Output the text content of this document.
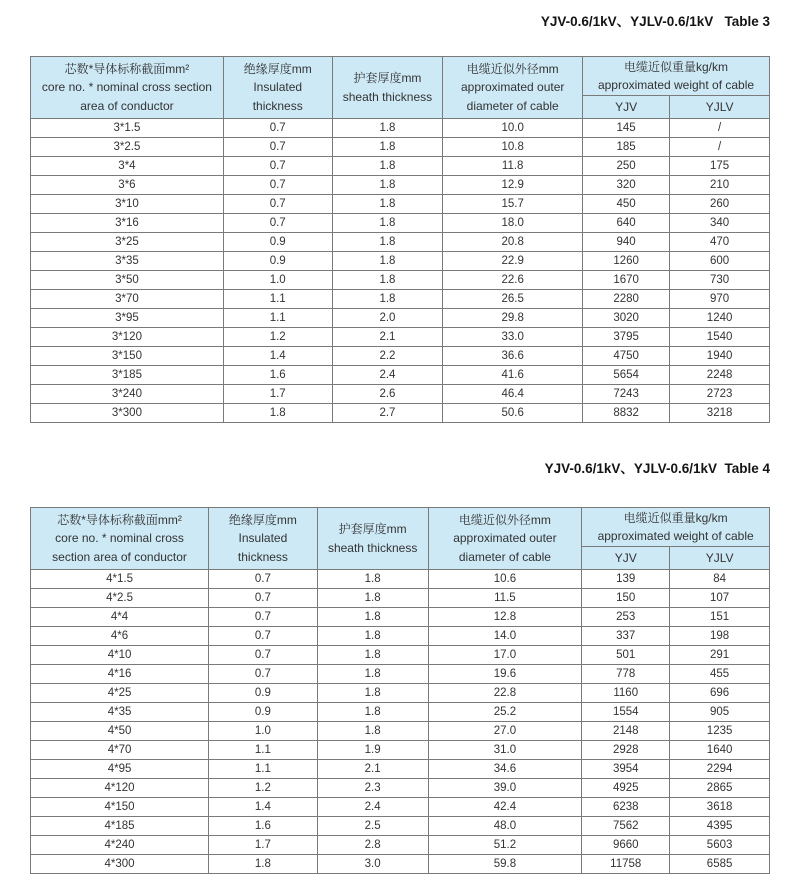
YJV-0.6/1kV、YJLV-0.6/1kV   Table 3
芯数*导体标称截面mm²
core no. * nominal cross section
area of conductor

绝缘厚度mm
Insulated
thickness

护套厚度mm
sheath thickness

电缆近似外径mm
approximated outer
diameter of cable

电缆近似重量kg/km
approximated weight of cable

				YJV	YJLV
3*1.5	0.7	1.8	10.0	145	/
3*2.5	0.7	1.8	10.8	185	/
3*4	0.7	1.8	11.8	250	175
3*6	0.7	1.8	12.9	320	210
3*10	0.7	1.8	15.7	450	260
3*16	0.7	1.8	18.0	640	340
3*25	0.9	1.8	20.8	940	470
3*35	0.9	1.8	22.9	1260	600
3*50	1.0	1.8	22.6	1670	730
3*70	1.1	1.8	26.5	2280	970
3*95	1.1	2.0	29.8	3020	1240
3*120	1.2	2.1	33.0	3795	1540
3*150	1.4	2.2	36.6	4750	1940
3*185	1.6	2.4	41.6	5654	2248
3*240	1.7	2.6	46.4	7243	2723
3*300	1.8	2.7	50.6	8832	3218
YJV-0.6/1kV、YJLV-0.6/1kV  Table 4
芯数*导体标称截面mm²
core no. * nominal cross
section area of conductor

绝缘厚度mm
Insulated
thickness

护套厚度mm
sheath thickness

电缆近似外径mm
approximated outer
diameter of cable

电缆近似重量kg/km
approximated weight of cable

				YJV	YJLV
4*1.5	0.7	1.8	10.6	139	84
4*2.5	0.7	1.8	11.5	150	107
4*4	0.7	1.8	12.8	253	151
4*6	0.7	1.8	14.0	337	198
4*10	0.7	1.8	17.0	501	291
4*16	0.7	1.8	19.6	778	455
4*25	0.9	1.8	22.8	1160	696
4*35	0.9	1.8	25.2	1554	905
4*50	1.0	1.8	27.0	2148	1235
4*70	1.1	1.9	31.0	2928	1640
4*95	1.1	2.1	34.6	3954	2294
4*120	1.2	2.3	39.0	4925	2865
4*150	1.4	2.4	42.4	6238	3618
4*185	1.6	2.5	48.0	7562	4395
4*240	1.7	2.8	51.2	9660	5603
4*300	1.8	3.0	59.8	11758	6585
